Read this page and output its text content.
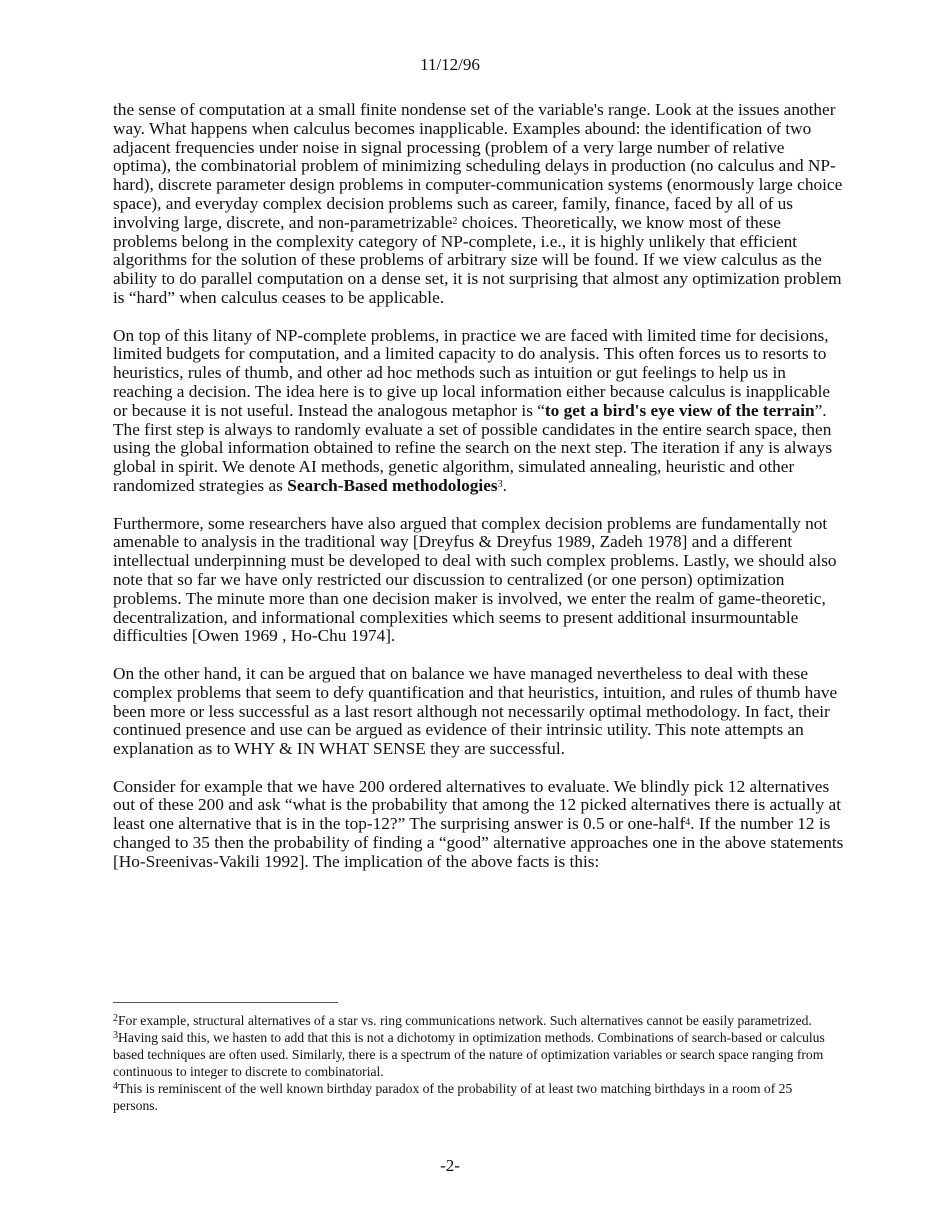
11/12/96

the sense of computation at a small finite nondense set of the variable's range. Look at the issues another way. What happens when calculus becomes inapplicable. Examples abound: the identification of two adjacent frequencies under noise in signal processing (problem of a very large number of relative optima), the combinatorial problem of minimizing scheduling delays in production (no calculus and NP-hard), discrete parameter design problems in computer-communication systems (enormously large choice space), and everyday complex decision problems such as career, family, finance, faced by all of us involving large, discrete, and non-parametrizable$^2$ choices. Theoretically, we know most of these problems belong in the complexity category of NP-complete, i.e., it is highly unlikely that efficient algorithms for the solution of these problems of arbitrary size will be found. If we view calculus as the ability to do parallel computation on a dense set, it is not surprising that almost any optimization problem is “hard” when calculus ceases to be applicable.

On top of this litany of NP-complete problems, in practice we are faced with limited time for decisions, limited budgets for computation, and a limited capacity to do analysis. This often forces us to resorts to heuristics, rules of thumb, and other ad hoc methods such as intuition or gut feelings to help us in reaching a decision. The idea here is to give up local information either because calculus is inapplicable or because it is not useful. Instead the analogous metaphor is “to get a bird's eye view of the terrain”. The first step is always to randomly evaluate a set of possible candidates in the entire search space, then using the global information obtained to refine the search on the next step. The iteration if any is always global in spirit. We denote AI methods, genetic algorithm, simulated annealing, heuristic and other randomized strategies as Search-Based methodologies$^3$.

Furthermore, some researchers have also argued that complex decision problems are fundamentally not amenable to analysis in the traditional way [Dreyfus & Dreyfus 1989, Zadeh 1978] and a different intellectual underpinning must be developed to deal with such complex problems. Lastly, we should also note that so far we have only restricted our discussion to centralized (or one person) optimization problems. The minute more than one decision maker is involved, we enter the realm of game-theoretic, decentralization, and informational complexities which seems to present additional insurmountable difficulties [Owen 1969 , Ho-Chu 1974].

On the other hand, it can be argued that on balance we have managed nevertheless to deal with these complex problems that seem to defy quantification and that heuristics, intuition, and rules of thumb have been more or less successful as a last resort although not necessarily optimal methodology. In fact, their continued presence and use can be argued as evidence of their intrinsic utility. This note attempts an explanation as to WHY & IN WHAT SENSE they are successful.

Consider for example that we have 200 ordered alternatives to evaluate. We blindly pick 12 alternatives out of these 200 and ask “what is the probability that among the 12 picked alternatives there is actually at least one alternative that is in the top-12?” The surprising answer is 0.5 or one-half$^4$. If the number 12 is changed to 35 then the probability of finding a “good” alternative approaches one in the above statements [Ho-Sreenivas-Vakili 1992]. The implication of the above facts is this:

$^2$For example, structural alternatives of a star vs. ring communications network. Such alternatives cannot be easily parametrized.

$^3$Having said this, we hasten to add that this is not a dichotomy in optimization methods. Combinations of search-based or calculus based techniques are often used. Similarly, there is a spectrum of the nature of optimization variables or search space ranging from continuous to integer to discrete to combinatorial.

$^4$This is reminiscent of the well known birthday paradox of the probability of at least two matching birthdays in a room of 25 persons.

-2-
